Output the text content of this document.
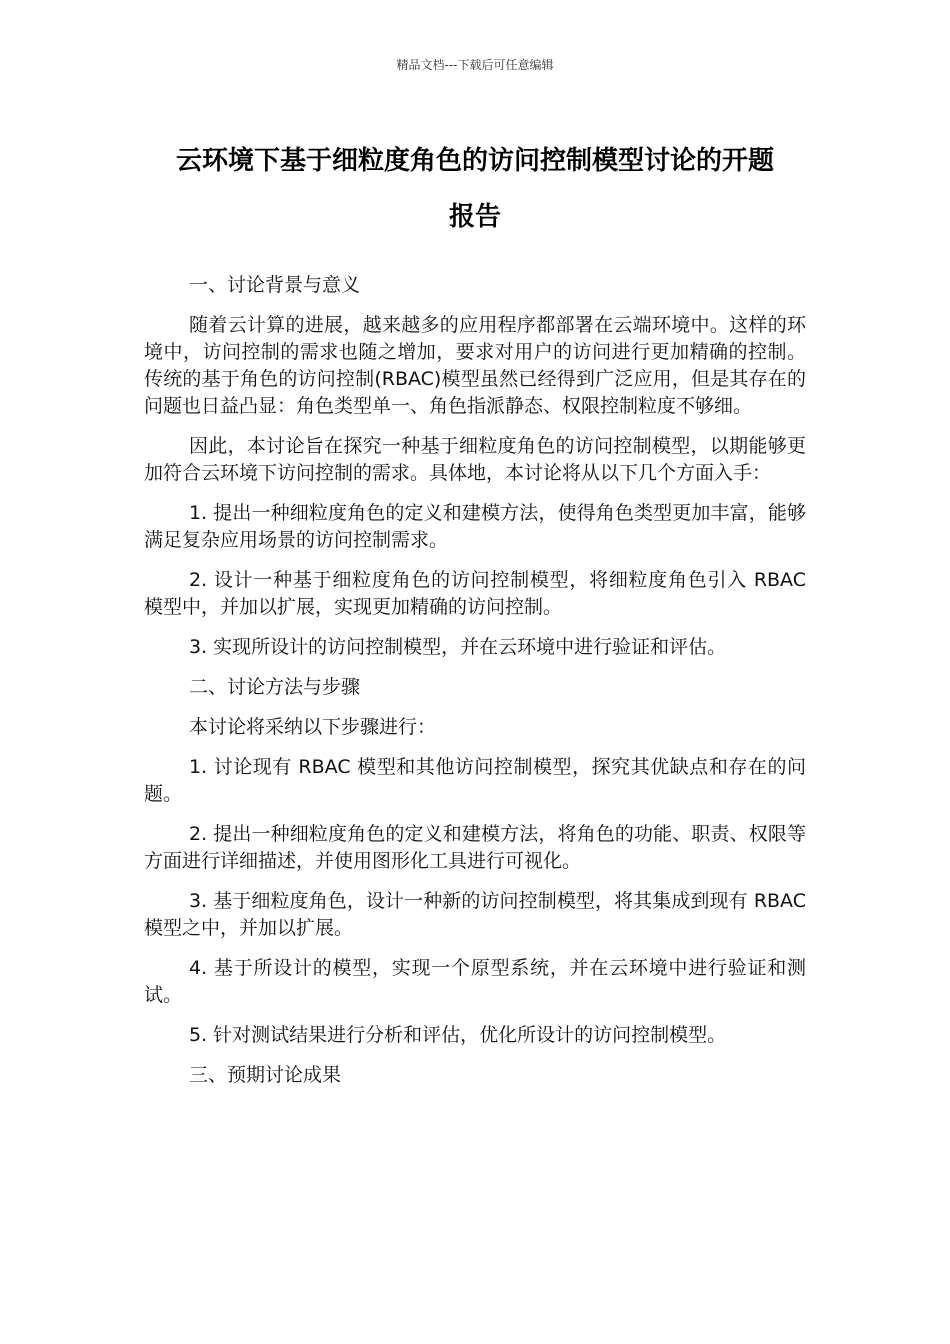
精品文档---下载后可任意编辑
云环境下基于细粒度角色的访问控制模型讨论的开题
报告

一、讨论背景与意义

随着云计算的进展，越来越多的应用程序都部署在云端环境中。这样的环境中，访问控制的需求也随之增加，要求对用户的访问进行更加精确的控制。传统的基于角色的访问控制(RBAC)模型虽然已经得到广泛应用，但是其存在的问题也日益凸显：角色类型单一、角色指派静态、权限控制粒度不够细。

因此，本讨论旨在探究一种基于细粒度角色的访问控制模型，以期能够更加符合云环境下访问控制的需求。具体地，本讨论将从以下几个方面入手：

1. 提出一种细粒度角色的定义和建模方法，使得角色类型更加丰富，能够满足复杂应用场景的访问控制需求。

2. 设计一种基于细粒度角色的访问控制模型，将细粒度角色引入 RBAC 模型中，并加以扩展，实现更加精确的访问控制。

3. 实现所设计的访问控制模型，并在云环境中进行验证和评估。

二、讨论方法与步骤

本讨论将采纳以下步骤进行：

1. 讨论现有 RBAC 模型和其他访问控制模型，探究其优缺点和存在的问题。

2. 提出一种细粒度角色的定义和建模方法，将角色的功能、职责、权限等方面进行详细描述，并使用图形化工具进行可视化。

3. 基于细粒度角色，设计一种新的访问控制模型，将其集成到现有 RBAC 模型之中，并加以扩展。

4. 基于所设计的模型，实现一个原型系统，并在云环境中进行验证和测试。

5. 针对测试结果进行分析和评估，优化所设计的访问控制模型。

三、预期讨论成果
